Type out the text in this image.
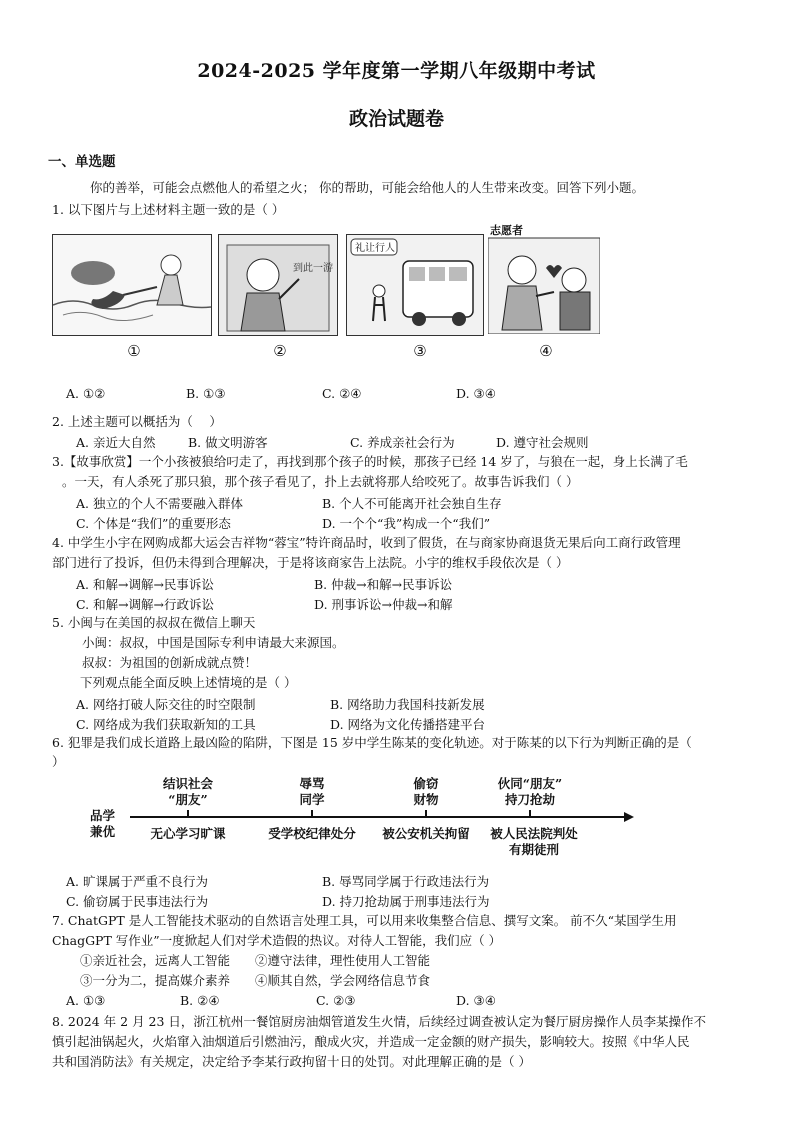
2024-2025 学年度第一学期八年级期中考试
政治试题卷
一、单选题
你的善举，可能会点燃他人的希望之火； 你的帮助，可能会给他人的人生带来改变。回答下列小题。
1. 以下图片与上述材料主题一致的是（ ）
到此一游
礼让行人
志愿者
①	②	③	④
A. ①②	B. ①③	C. ②④	D. ③④
2. 上述主题可以概括为（　 ）
A. 亲近大自然	B. 做文明游客	C. 养成亲社会行为	D. 遵守社会规则
3.【故事欣赏】一个小孩被狼给叼走了，再找到那个孩子的时候，那孩子已经 14 岁了，与狼在一起，身上长满了毛
。一天，有人杀死了那只狼，那个孩子看见了，扑上去就将那人给咬死了。故事告诉我们（ ）
A. 独立的个人不需要融入群体	B. 个人不可能离开社会独自生存
C. 个体是“我们”的重要形态	D. 一个个“我”构成一个“我们”
4. 中学生小宇在网购成都大运会吉祥物“蓉宝”特许商品时，收到了假货，在与商家协商退货无果后向工商行政管理
部门进行了投诉，但仍未得到合理解决，于是将该商家告上法院。小宇的维权手段依次是（ ）
A. 和解→调解→民事诉讼	B. 仲裁→和解→民事诉讼
C. 和解→调解→行政诉讼	D. 刑事诉讼→仲裁→和解
5. 小闽与在美国的叔叔在微信上聊天
小闽：叔叔，中国是国际专利申请最大来源国。
叔叔：为祖国的创新成就点赞！
下列观点能全面反映上述情境的是（ ）
A. 网络打破人际交往的时空限制	B. 网络助力我国科技新发展
C. 网络成为我们获取新知的工具	D. 网络为文化传播搭建平台
6. 犯罪是我们成长道路上最凶险的陷阱，下图是 15 岁中学生陈某的变化轨迹。对于陈某的以下行为判断正确的是（
）
品学
兼优
结识社会
“朋友”
辱骂
同学
偷窃
财物
伙同“朋友”
持刀抢劫
无心学习旷课	受学校纪律处分	被公安机关拘留	被人民法院判处
有期徒刑
A. 旷课属于严重不良行为	B. 辱骂同学属于行政违法行为
C. 偷窃属于民事违法行为	D. 持刀抢劫属于刑事违法行为
7. ChatGPT 是人工智能技术驱动的自然语言处理工具，可以用来收集整合信息、撰写文案。 前不久“某国学生用
ChagGPT 写作业”一度掀起人们对学术造假的热议。对待人工智能，我们应（ ）
①亲近社会，远离人工智能　　②遵守法律，理性使用人工智能
③一分为二，提高媒介素养　　④顺其自然，学会网络信息节食
A. ①③	B. ②④	C. ②③	D. ③④
8. 2024 年 2 月 23 日，浙江杭州一餐馆厨房油烟管道发生火情，后续经过调查被认定为餐厅厨房操作人员李某操作不
慎引起油锅起火，火焰窜入油烟道后引燃油污，酿成火灾，并造成一定金额的财产损失，影响较大。按照《中华人民
共和国消防法》有关规定，决定给予李某行政拘留十日的处罚。对此理解正确的是（ ）
